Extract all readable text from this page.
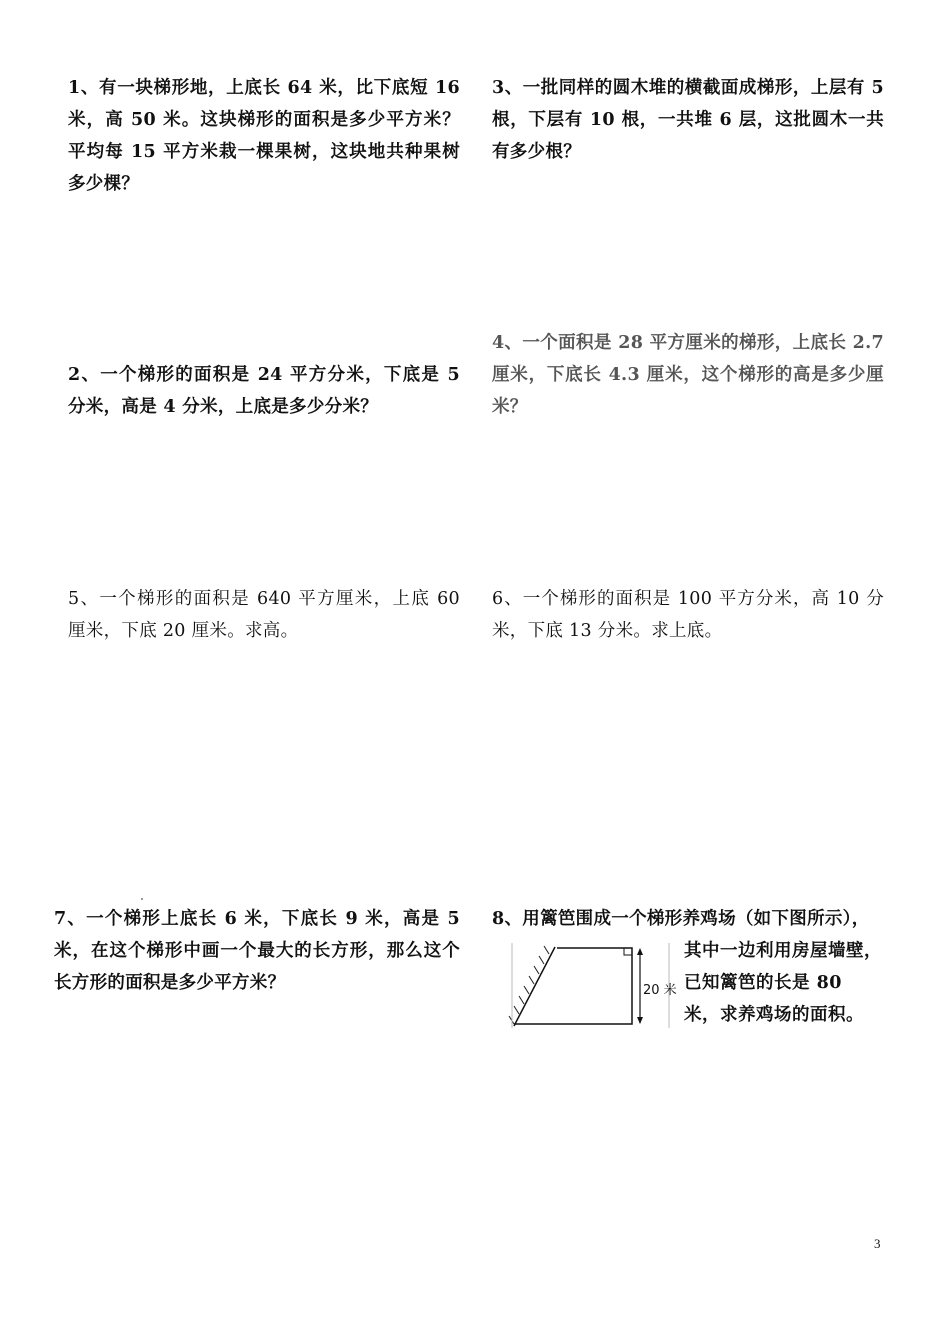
1、有一块梯形地，上底长 64 米，比下底短 16 米，高 50 米。这块梯形的面积是多少平方米？平均每 15 平方米栽一棵果树，这块地共种果树多少棵？
3、一批同样的圆木堆的横截面成梯形，上层有 5 根，下层有 10 根，一共堆 6 层，这批圆木一共有多少根？
2、一个梯形的面积是 24 平方分米，下底是 5 分米，高是 4 分米，上底是多少分米？
4、一个面积是 28 平方厘米的梯形，上底长 2.7 厘米，下底长 4.3 厘米，这个梯形的高是多少厘米？
5、一个梯形的面积是 640 平方厘米，上底 60 厘米，下底 20 厘米。求高。
6、一个梯形的面积是 100 平方分米，高 10 分米，下底 13 分米。求上底。
7、一个梯形上底长 6 米，下底长 9 米，高是 5 米，在这个梯形中画一个最大的长方形，那么这个长方形的面积是多少平方米？
8、用篱笆围成一个梯形养鸡场（如下图所示），
其中一边利用房屋墙壁，已知篱笆的长是 80 米，求养鸡场的面积。
20 米
3
